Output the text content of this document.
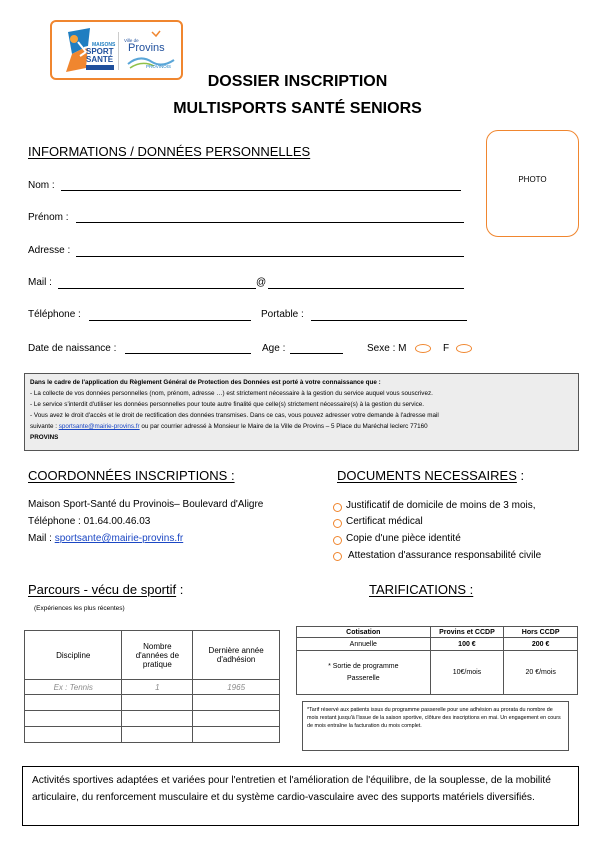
MAISONS
SPORT
SANTÉ
Ville de
Provins
PROVINOIS
DOSSIER INSCRIPTION
MULTISPORTS SANTÉ SENIORS
PHOTO
INFORMATIONS / DONNÉES PERSONNELLES
Nom :
Prénom :
Adresse :
Mail :	@
Téléphone :	Portable :
Date de naissance :	Age :	Sexe : M	F
Dans le cadre de l'application du Règlement Général de Protection des Données est porté à votre connaissance que :
- La collecte de vos données personnelles (nom, prénom, adresse …) est strictement nécessaire à la gestion du service auquel vous souscrivez.
- Le service s'interdit d'utiliser les données personnelles pour toute autre finalité que celle(s) strictement nécessaire(s) à la gestion du service.
- Vous avez le droit d'accès et le droit de rectification des données transmises. Dans ce cas, vous pouvez adresser votre demande à l'adresse mail
suivante : sportsante@mairie-provins.fr ou par courrier adressé à Monsieur le Maire de la Ville de Provins – 5 Place du Maréchal leclerc 77160
PROVINS
COORDONNÉES INSCRIPTIONS :
Maison Sport-Santé du Provinois– Boulevard d'Aligre
Téléphone : 01.64.00.46.03
Mail : sportsante@mairie-provins.fr
DOCUMENTS NECESSAIRES :
Justificatif de domicile de moins de 3 mois,
Certificat médical
Copie d'une pièce identité
Attestation d'assurance responsabilité civile
Parcours - vécu de sportif :
(Expériences les plus récentes)
Discipline	Nombre d'années de pratique	Dernière année d'adhésion
Ex : Tennis	1	1965

TARIFICATIONS :
Cotisation	Provins et CCDP	Hors CCDP
Annuelle	100 €	200 €
* Sortie de programme Passerelle	10€/mois	20 €/mois
*Tarif réservé aux patients issus du programme passerelle pour une adhésion au prorata du nombre de mois restant jusqu'à l'issue de la saison sportive, clôture des inscriptions en mai. Un engagement en cours de mois entraîne la facturation du mois complet.
Activités sportives adaptées et variées pour l'entretien et l'amélioration de l'équilibre, de la souplesse, de la mobilité articulaire, du renforcement musculaire et du système cardio-vasculaire avec des supports matériels diversifiés.
